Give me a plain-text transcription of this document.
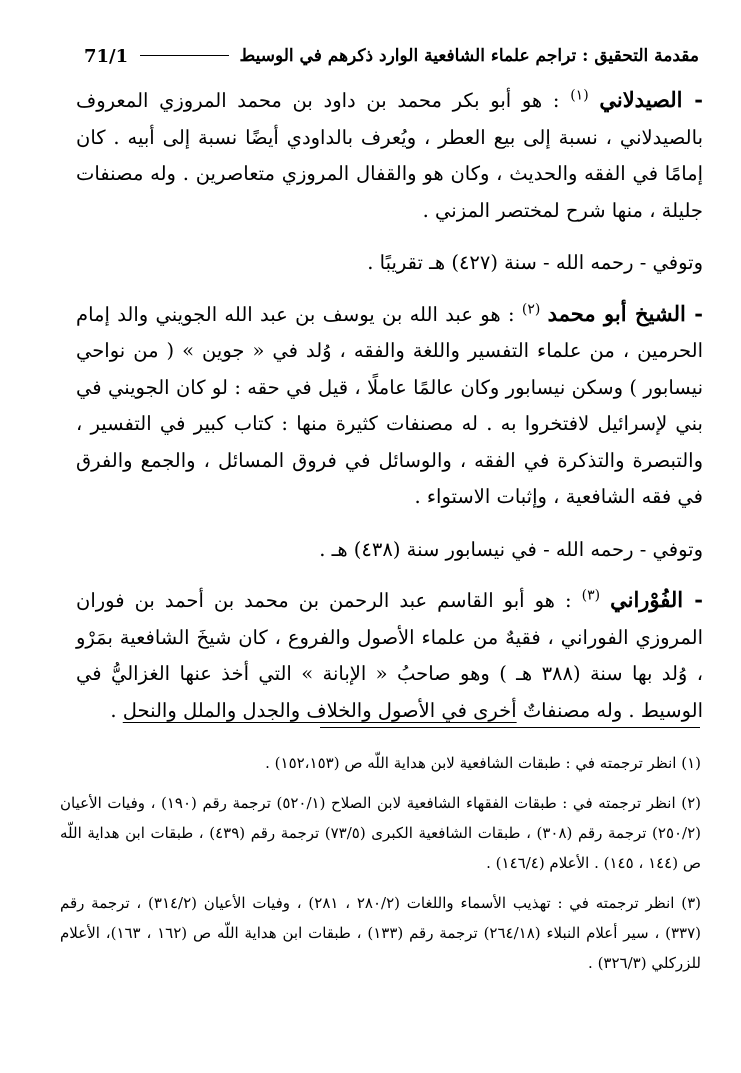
مقدمة التحقيق : تراجم علماء الشافعية الوارد ذكرهم في الوسيط
71/1

- الصيدلاني $^{(١)}$ : هو أبو بكر محمد بن داود بن محمد المروزي المعروف بالصيدلاني ، نسبة إلى بيع العطر ، ويُعرف بالداودي أيضًا نسبة إلى أبيه . كان إمامًا في الفقه والحديث ، وكان هو والقفال المروزي متعاصرين . وله مصنفات جليلة ، منها شرح لمختصر المزني .

وتوفي - رحمه الله - سنة (٤٢٧) هـ تقريبًا .

- الشيخ أبو محمد $^{(٢)}$ : هو عبد الله بن يوسف بن عبد الله الجويني والد إمام الحرمين ، من علماء التفسير واللغة والفقه ، وُلد في « جوين » ( من نواحي نيسابور ) وسكن نيسابور وكان عالمًا عاملًا ، قيل في حقه : لو كان الجويني في بني لإسرائيل لافتخروا به . له مصنفات كثيرة منها : كتاب كبير في التفسير ، والتبصرة والتذكرة في الفقه ، والوسائل في فروق المسائل ، والجمع والفرق في فقه الشافعية ، وإثبات الاستواء .

وتوفي - رحمه الله - في نيسابور سنة (٤٣٨) هـ .

- الفُوْراني $^{(٣)}$ : هو أبو القاسم عبد الرحمن بن محمد بن أحمد بن فوران المروزي الفوراني ، فقيهٌ من علماء الأصول والفروع ، كان شيخَ الشافعية بمَرْو ، وُلد بها سنة (٣٨٨ هـ ) وهو صاحبُ « الإبانة » التي أخذ عنها الغزاليُّ في الوسيط . وله مصنفاتٌ أخرى في الأصول والخلاف والجدل والملل والنحل .

(١) انظر ترجمته في : طبقات الشافعية لابن هداية اللّه ص (١٥٢،١٥٣) .

(٢) انظر ترجمته في : طبقات الفقهاء الشافعية لابن الصلاح (٥٢٠/١) ترجمة رقم (١٩٠) ، وفيات الأعيان (٢٥٠/٢) ترجمة رقم (٣٠٨) ، طبقات الشافعية الكبرى (٧٣/٥) ترجمة رقم (٤٣٩) ، طبقات ابن هداية اللّه ص (١٤٤ ، ١٤٥) . الأعلام (١٤٦/٤) .

(٣) انظر ترجمته في : تهذيب الأسماء واللغات (٢٨٠/٢ ، ٢٨١) ، وفيات الأعيان (٣١٤/٢) ، ترجمة رقم (٣٣٧) ، سير أعلام النبلاء (٢٦٤/١٨) ترجمة رقم (١٣٣) ، طبقات ابن هداية اللّه ص (١٦٢ ، ١٦٣)، الأعلام للزركلي (٣٢٦/٣) .
